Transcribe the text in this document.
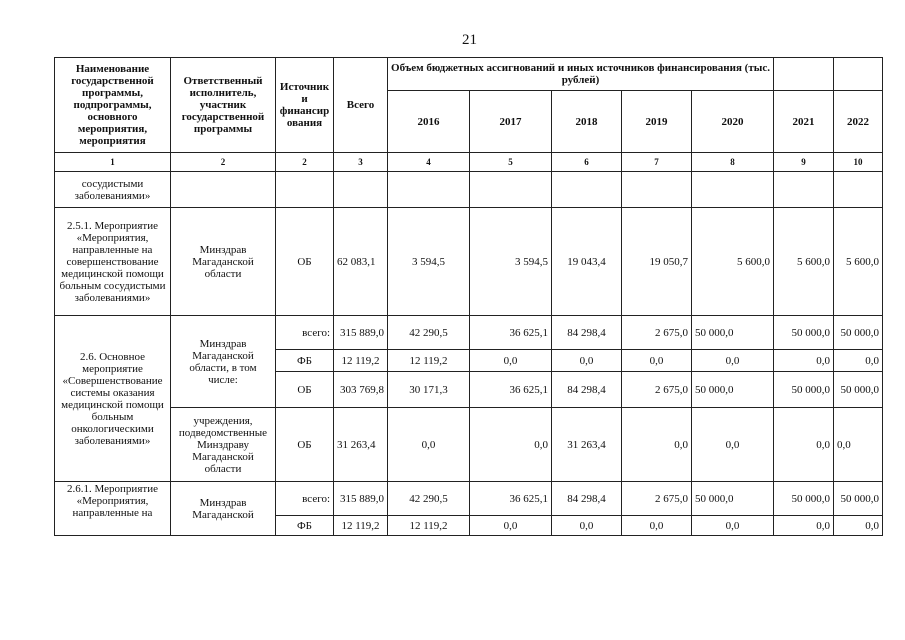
21
Наименование государственной программы, подпрограммы, основного мероприятия, мероприятия	Ответственный исполнитель, участник государственной программы	Источник и финансир ования	Всего	Объем бюджетных ассигнований и иных источников финансирования (тыс. рублей)						
				2016	2017	2018	2019	2020	2021	2022
1	2	2	3	4	5	6	7	8	9	10
сосудистыми заболеваниями»										
2.5.1. Мероприятие «Мероприятия, направленные на совершенствование медицинской помощи больным сосудистыми заболеваниями»	Минздрав Магаданской области	ОБ	62 083,1	3 594,5	3 594,5	19 043,4	19 050,7	5 600,0	5 600,0	5 600,0
2.6. Основное мероприятие «Совершенствование системы оказания медицинской помощи больным онкологическими заболеваниями»	Минздрав Магаданской области, в том числе:	всего:	315 889,0	42 290,5	36 625,1	84 298,4	2 675,0	50 000,0	50 000,0	50 000,0
		ФБ	12 119,2	12 119,2	0,0	0,0	0,0	0,0	0,0	0,0
		ОБ	303 769,8	30 171,3	36 625,1	84 298,4	2 675,0	50 000,0	50 000,0	50 000,0
	учреждения, подведомственные Минздраву Магаданской области	ОБ	31 263,4	0,0	0,0	31 263,4	0,0	0,0	0,0	0,0
2.6.1. Мероприятие «Мероприятия, направленные на	Минздрав Магаданской	всего:	315 889,0	42 290,5	36 625,1	84 298,4	2 675,0	50 000,0	50 000,0	50 000,0
		ФБ	12 119,2	12 119,2	0,0	0,0	0,0	0,0	0,0	0,0
